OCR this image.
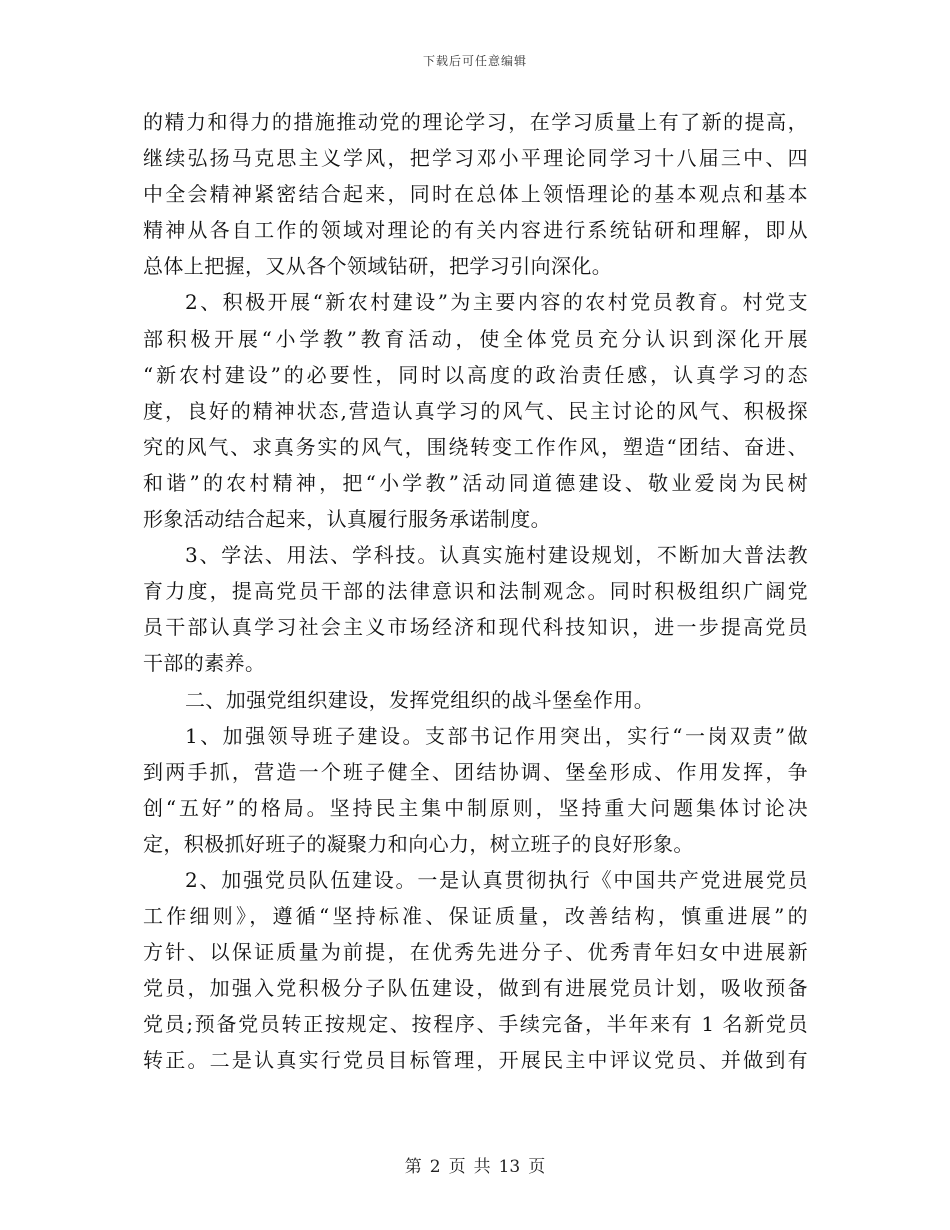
下载后可任意编辑
的精力和得力的措施推动党的理论学习，在学习质量上有了新的提高，
继续弘扬马克思主义学风，把学习邓小平理论同学习十八届三中、四
中全会精神紧密结合起来，同时在总体上领悟理论的基本观点和基本
精神从各自工作的领域对理论的有关内容进行系统钻研和理解，即从
总体上把握，又从各个领域钻研，把学习引向深化。
2、积极开展“新农村建设”为主要内容的农村党员教育。村党支
部积极开展“小学教”教育活动，使全体党员充分认识到深化开展
“新农村建设”的必要性，同时以高度的政治责任感，认真学习的态
度，良好的精神状态,营造认真学习的风气、民主讨论的风气、积极探
究的风气、求真务实的风气，围绕转变工作作风，塑造“团结、奋进、
和谐”的农村精神，把“小学教”活动同道德建设、敬业爱岗为民树
形象活动结合起来，认真履行服务承诺制度。
3、学法、用法、学科技。认真实施村建设规划，不断加大普法教
育力度，提高党员干部的法律意识和法制观念。同时积极组织广阔党
员干部认真学习社会主义市场经济和现代科技知识，进一步提高党员
干部的素养。
二、加强党组织建设，发挥党组织的战斗堡垒作用。
1、加强领导班子建设。支部书记作用突出，实行“一岗双责”做
到两手抓，营造一个班子健全、团结协调、堡垒形成、作用发挥，争
创“五好”的格局。坚持民主集中制原则，坚持重大问题集体讨论决
定，积极抓好班子的凝聚力和向心力，树立班子的良好形象。
2、加强党员队伍建设。一是认真贯彻执行《中国共产党进展党员
工作细则》，遵循“坚持标准、保证质量，改善结构，慎重进展”的
方针、以保证质量为前提，在优秀先进分子、优秀青年妇女中进展新
党员，加强入党积极分子队伍建设，做到有进展党员计划，吸收预备
党员;预备党员转正按规定、按程序、手续完备，半年来有 1 名新党员
转正。二是认真实行党员目标管理，开展民主中评议党员、并做到有
第 2 页 共 13 页
